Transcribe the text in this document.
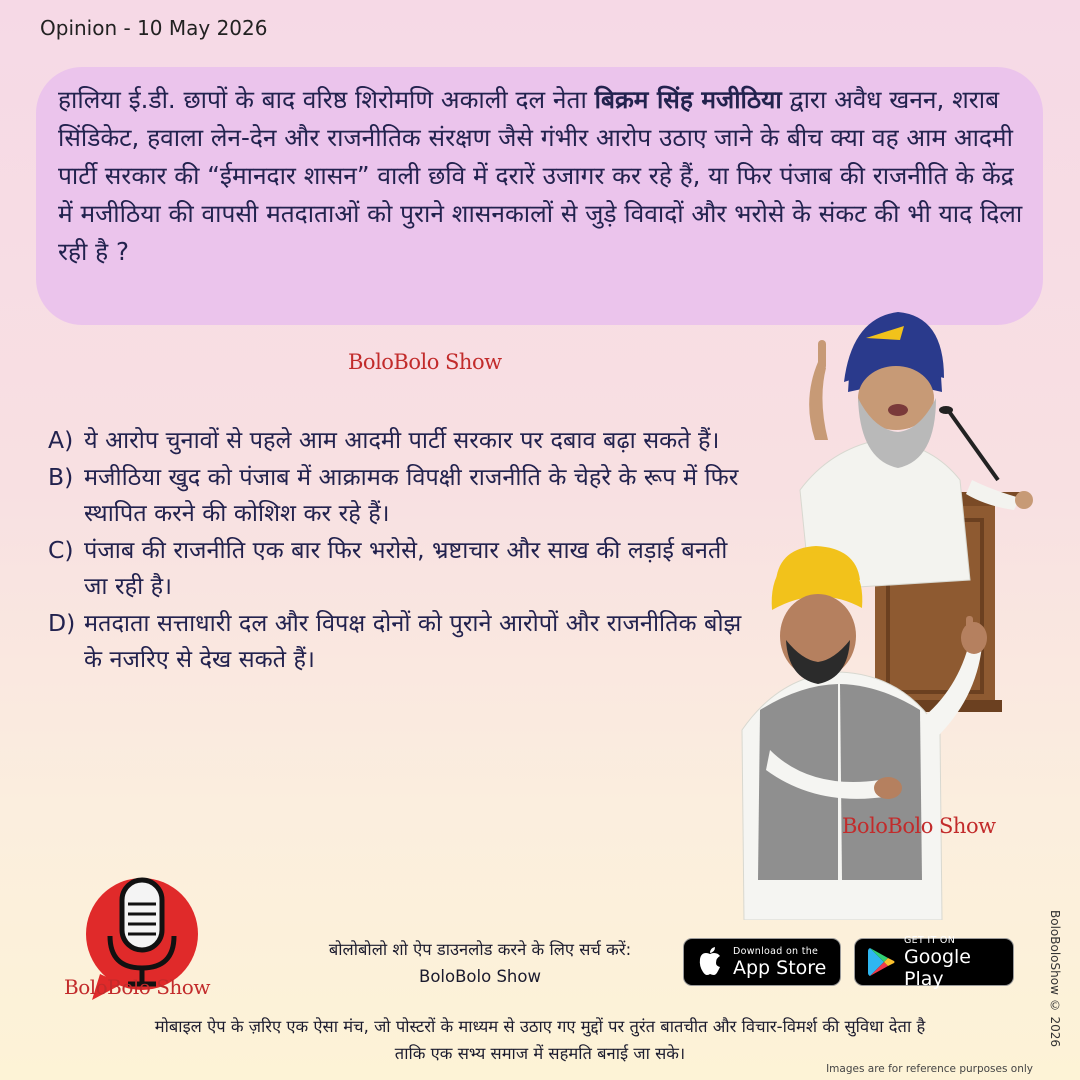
Opinion - 10 May 2026

हालिया ई.डी. छापों के बाद वरिष्ठ शिरोमणि अकाली दल नेता बिक्रम सिंह मजीठिया द्वारा अवैध खनन, शराब सिंडिकेट, हवाला लेन-देन और राजनीतिक संरक्षण जैसे गंभीर आरोप उठाए जाने के बीच क्या वह आम आदमी पार्टी सरकार की “ईमानदार शासन” वाली छवि में दरारें उजागर कर रहे हैं, या फिर पंजाब की राजनीति के केंद्र में मजीठिया की वापसी मतदाताओं को पुराने शासनकालों से जुड़े विवादों और भरोसे के संकट की भी याद दिला रही है ?

BoloBolo Show
A) ये आरोप चुनावों से पहले आम आदमी पार्टी सरकार पर दबाव बढ़ा सकते हैं।
B) मजीठिया खुद को पंजाब में आक्रामक विपक्षी राजनीति के चेहरे के रूप में फिर स्थापित करने की कोशिश कर रहे हैं।
C) पंजाब की राजनीति एक बार फिर भरोसे, भ्रष्टाचार और साख की लड़ाई बनती जा रही है।
D) मतदाता सत्ताधारी दल और विपक्ष दोनों को पुराने आरोपों और राजनीतिक बोझ के नजरिए से देख सकते हैं।
BoloBolo Show
BoloBolo Show
बोलोबोलो शो ऐप डाउनलोड करने के लिए सर्च करें:
BoloBolo Show
Download on the
App Store
GET IT ON
Google Play
मोबाइल ऐप के ज़रिए एक ऐसा मंच, जो पोस्टरों के माध्यम से उठाए गए मुद्दों पर तुरंत बातचीत और विचार-विमर्श की सुविधा देता है
ताकि एक सभ्य समाज में सहमति बनाई जा सके।
Images are for reference purposes only
BoloBoloShow © 2026
